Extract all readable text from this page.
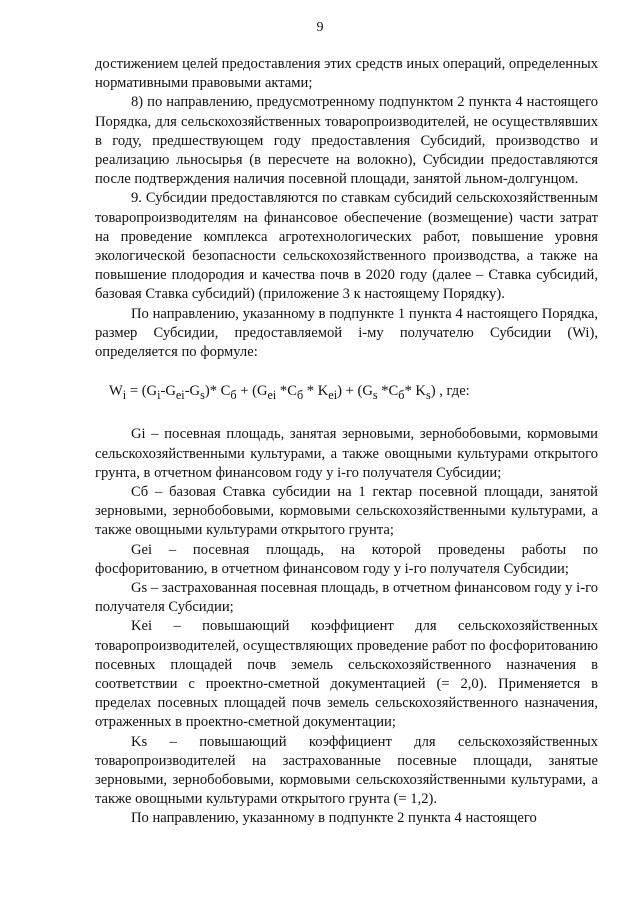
9

достижением целей предоставления этих средств иных операций, определенных нормативными правовыми актами;

8) по направлению, предусмотренному подпунктом 2 пункта 4 настоящего Порядка, для сельскохозяйственных товаропроизводителей, не осуществлявших в году, предшествующем году предоставления Субсидий, производство и реализацию льносырья (в пересчете на волокно), Субсидии предоставляются после подтверждения наличия посевной площади, занятой льном-долгунцом.

9. Субсидии предоставляются по ставкам субсидий сельскохозяйственным товаропроизводителям на финансовое обеспечение (возмещение) части затрат на проведение комплекса агротехнологических работ, повышение уровня экологической безопасности сельскохозяйственного производства, а также на повышение плодородия и качества почв в 2020 году (далее – Ставка субсидий, базовая Ставка субсидий) (приложение 3 к настоящему Порядку).

По направлению, указанному в подпункте 1 пункта 4 настоящего Порядка, размер Субсидии, предоставляемой i-му получателю Субсидии (Wi), определяется по формуле:

$W_i = (G_i-G_{ei}-G_s)*$ $C_б + (G_{ei}$ $*C_б * K_{ei}) + (G_s$ $*C_б*$ $K_s$) , где:

Gi – посевная площадь, занятая зерновыми, зернобобовыми, кормовыми сельскохозяйственными культурами, а также овощными культурами открытого грунта, в отчетном финансовом году у i-го получателя Субсидии;

Cб – базовая Ставка субсидии на 1 гектар посевной площади, занятой зерновыми, зернобобовыми, кормовыми сельскохозяйственными культурами, а также овощными культурами открытого грунта;

Gei – посевная площадь, на которой проведены работы по фосфоритованию, в отчетном финансовом году у i-го получателя Субсидии;

Gs – застрахованная посевная площадь, в отчетном финансовом году у i-го получателя Субсидии;

Kei – повышающий коэффициент для сельскохозяйственных товаропроизводителей, осуществляющих проведение работ по фосфоритованию посевных площадей почв земель сельскохозяйственного назначения в соответствии с проектно-сметной документацией (= 2,0). Применяется в пределах посевных площадей почв земель сельскохозяйственного назначения, отраженных в проектно-сметной документации;

Ks – повышающий коэффициент для сельскохозяйственных товаропроизводителей на застрахованные посевные площади, занятые зерновыми, зернобобовыми, кормовыми сельскохозяйственными культурами, а также овощными культурами открытого грунта (= 1,2).

По направлению, указанному в подпункте 2 пункта 4 настоящего
